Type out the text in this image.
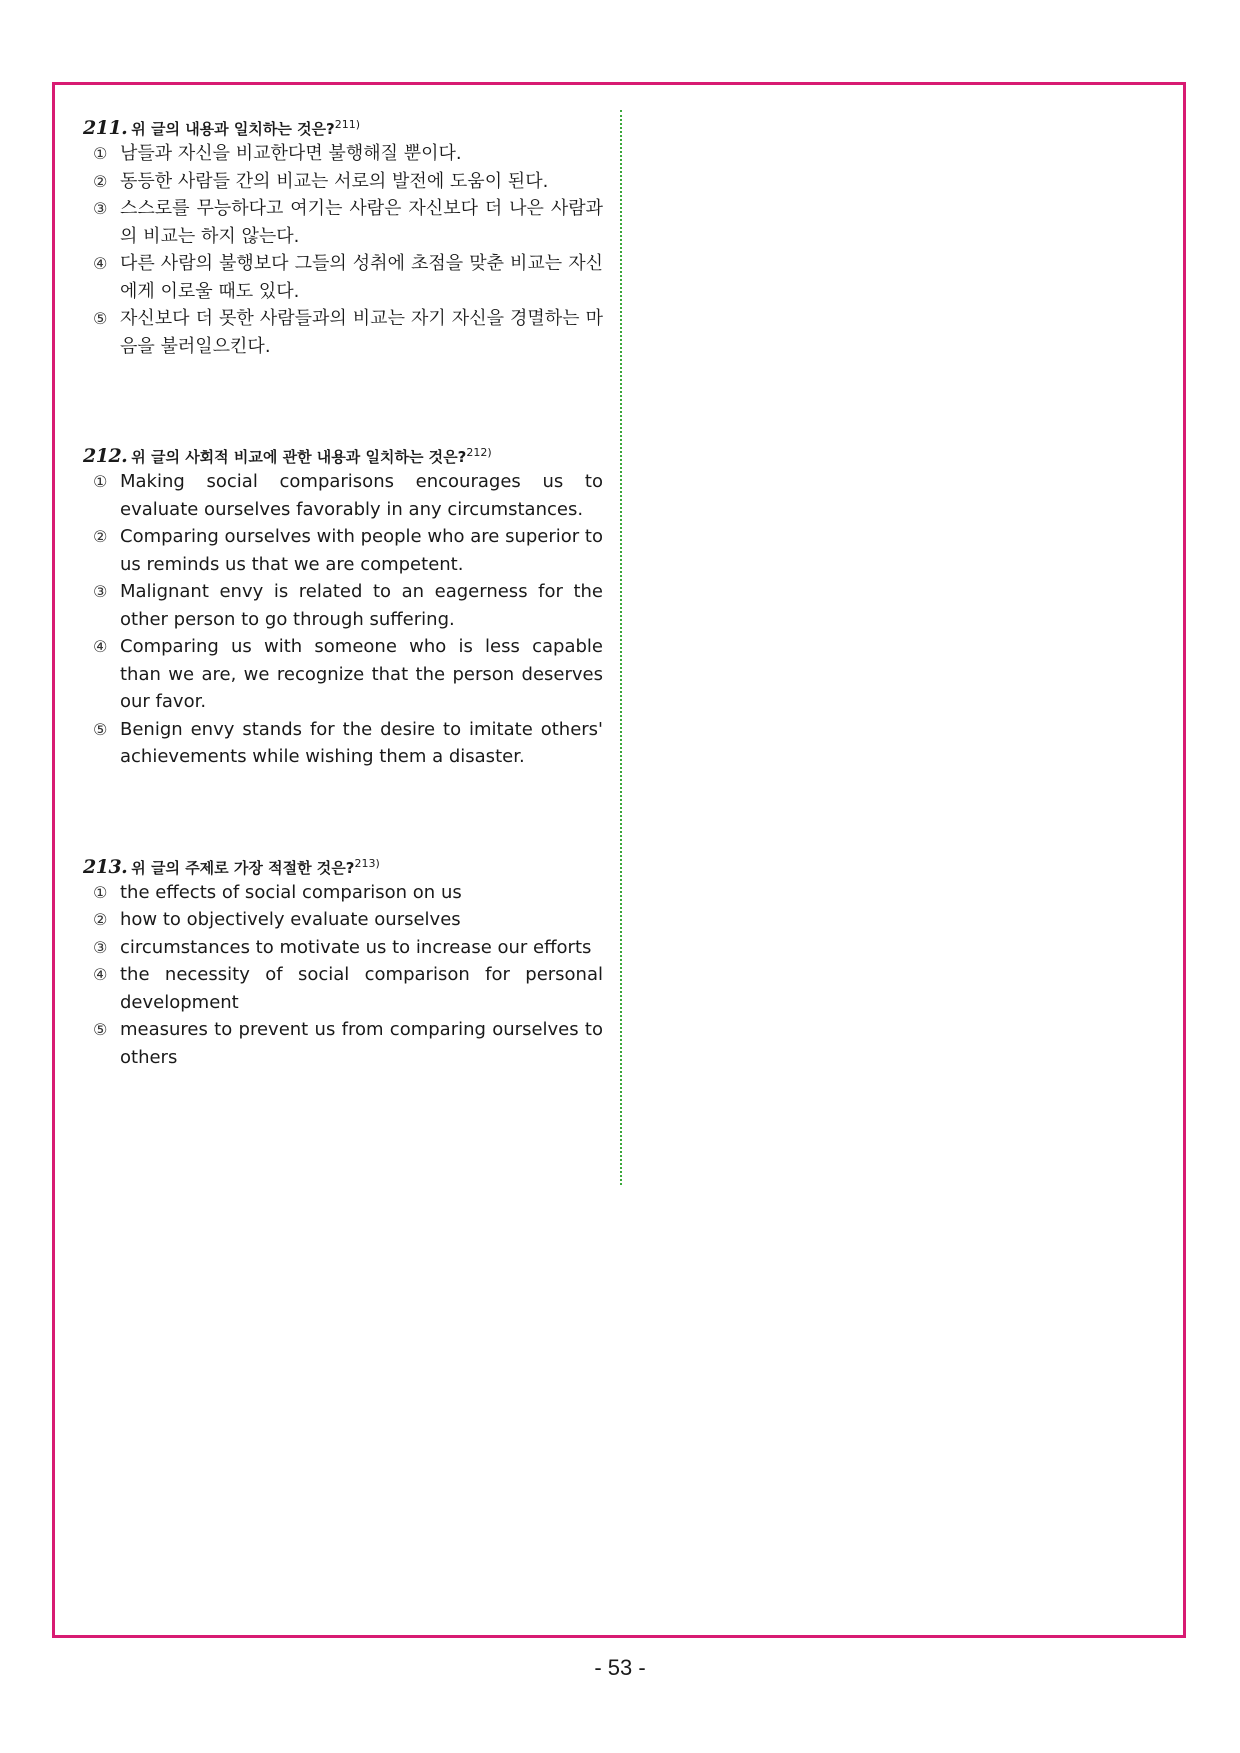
211. 위 글의 내용과 일치하는 것은?$^{211)}$
① 남들과 자신을 비교한다면 불행해질 뿐이다.
② 동등한 사람들 간의 비교는 서로의 발전에 도움이 된다.
③ 스스로를 무능하다고 여기는 사람은 자신보다 더 나은 사람과의 비교는 하지 않는다.
④ 다른 사람의 불행보다 그들의 성취에 초점을 맞춘 비교는 자신에게 이로울 때도 있다.
⑤ 자신보다 더 못한 사람들과의 비교는 자기 자신을 경멸하는 마음을 불러일으킨다.
212. 위 글의 사회적 비교에 관한 내용과 일치하는 것은?$^{212)}$
① Making social comparisons encourages us to evaluate ourselves favorably in any circumstances.
② Comparing ourselves with people who are superior to us reminds us that we are competent.
③ Malignant envy is related to an eagerness for the other person to go through suffering.
④ Comparing us with someone who is less capable than we are, we recognize that the person deserves our favor.
⑤ Benign envy stands for the desire to imitate others' achievements while wishing them a disaster.
213. 위 글의 주제로 가장 적절한 것은?$^{213)}$
① the effects of social comparison on us
② how to objectively evaluate ourselves
③ circumstances to motivate us to increase our efforts
④ the necessity of social comparison for personal development
⑤ measures to prevent us from comparing ourselves to others
- 53 -
